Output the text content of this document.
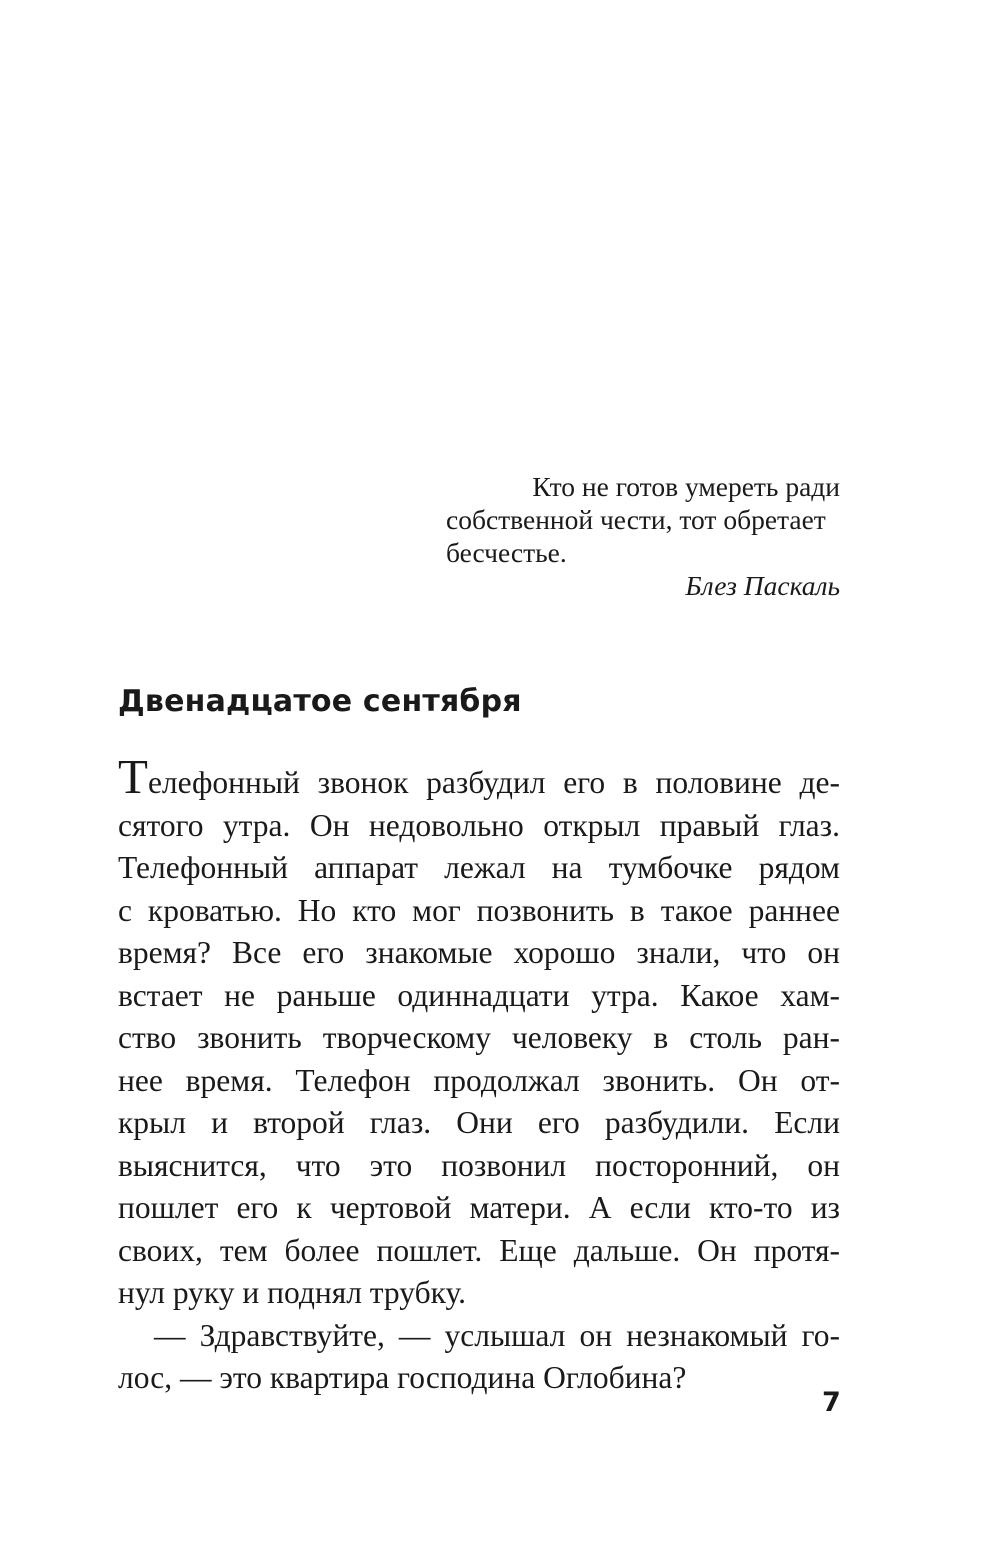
Кто не готов умереть ради
собственной чести, тот обретает
бесчестье.
Блез Паскаль
Двенадцатое сентября
Телефонный звонок разбудил его в половине де-
сятого утра. Он недовольно открыл правый глаз.
Телефонный аппарат лежал на тумбочке рядом
с кроватью. Но кто мог позвонить в такое раннее
время? Все его знакомые хорошо знали, что он
встает не раньше одиннадцати утра. Какое хам-
ство звонить творческому человеку в столь ран-
нее время. Телефон продолжал звонить. Он от-
крыл и второй глаз. Они его разбудили. Если
выяснится, что это позвонил посторонний, он
пошлет его к чертовой матери. А если кто-то из
своих, тем более пошлет. Еще дальше. Он протя-
нул руку и поднял трубку.
— Здравствуйте, — услышал он незнакомый го-
лос, — это квартира господина Оглобина?

7
